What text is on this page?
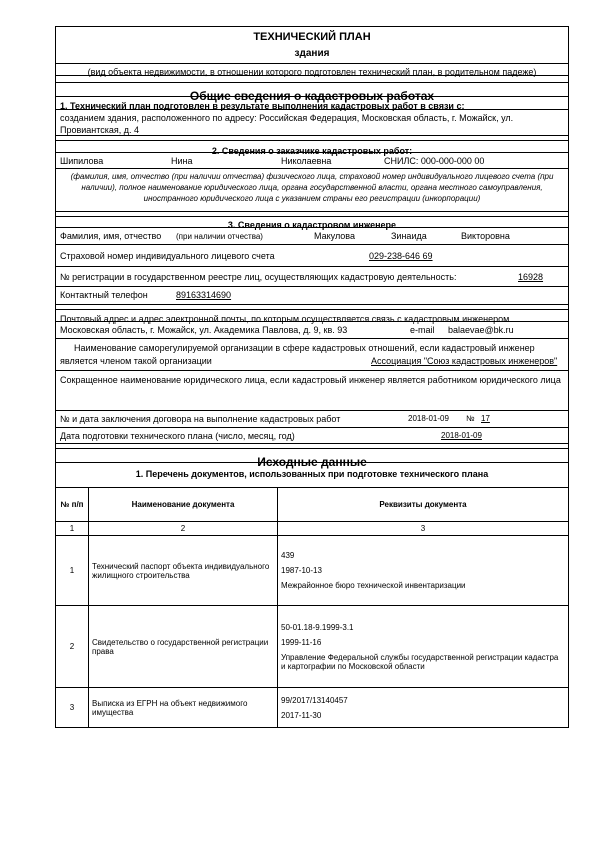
ТЕХНИЧЕСКИЙ ПЛАН
здания
(вид объекта недвижимости, в отношении которого подготовлен технический план, в родительном падеже)
Общие сведения о кадастровых работах
1. Технический план подготовлен в результате выполнения кадастровых работ в связи с:
созданием здания, расположенного по адресу: Российская Федерация, Московская область, г. Можайск, ул. Провиантская, д. 4
2. Сведения о заказчике кадастровых работ:
Шипилова	Нина	Николаевна	СНИЛС: 000-000-000 00
(фамилия, имя, отчество (при наличии отчества) физического лица, страховой номер индивидуального лицевого счета (при наличии), полное наименование юридического лица, органа государственной власти, органа местного самоуправления, иностранного юридического лица с указанием страны его регистрации (инкорпорации)
3. Сведения о кадастровом инженере
Фамилия, имя, отчество (при наличии отчества)	Макулова	Зинаида	Викторовна
Страховой номер индивидуального лицевого счета	029-238-646 69
№ регистрации в государственном реестре лиц, осуществляющих кадастровую деятельность:	16928
Контактный телефон	89163314690
Почтовый адрес и адрес электронной почты, по которым осуществляется связь с кадастровым инженером
Московская область, г. Можайск, ул. Академика Павлова, д. 9, кв. 93	e-mail balaevae@bk.ru
Наименование саморегулируемой организации в сфере кадастровых отношений, если кадастровый инженер является членом такой организации	Ассоциация "Союз кадастровых инженеров"
Сокращенное наименование юридического лица, если кадастровый инженер является работником юридического лица
№ и дата заключения договора на выполнение кадастровых работ	2018-01-09 № 17
Дата подготовки технического плана (число, месяц, год)	2018-01-09
Исходные данные
1. Перечень документов, использованных при подготовке технического плана
№ п/п	Наименование документа	Реквизиты документа
1	2	3
1	Технический паспорт объекта индивидуального жилищного строительства	439
1987-10-13
Межрайонное бюро технической инвентаризации

2	Свидетельство о государственной регистрации права	50-01.18-9.1999-3.1
1999-11-16
Управление Федеральной службы государственной регистрации кадастра и картографии по Московской области

3	Выписка из ЕГРН на объект недвижимого имущества	99/2017/13140457
2017-11-30
